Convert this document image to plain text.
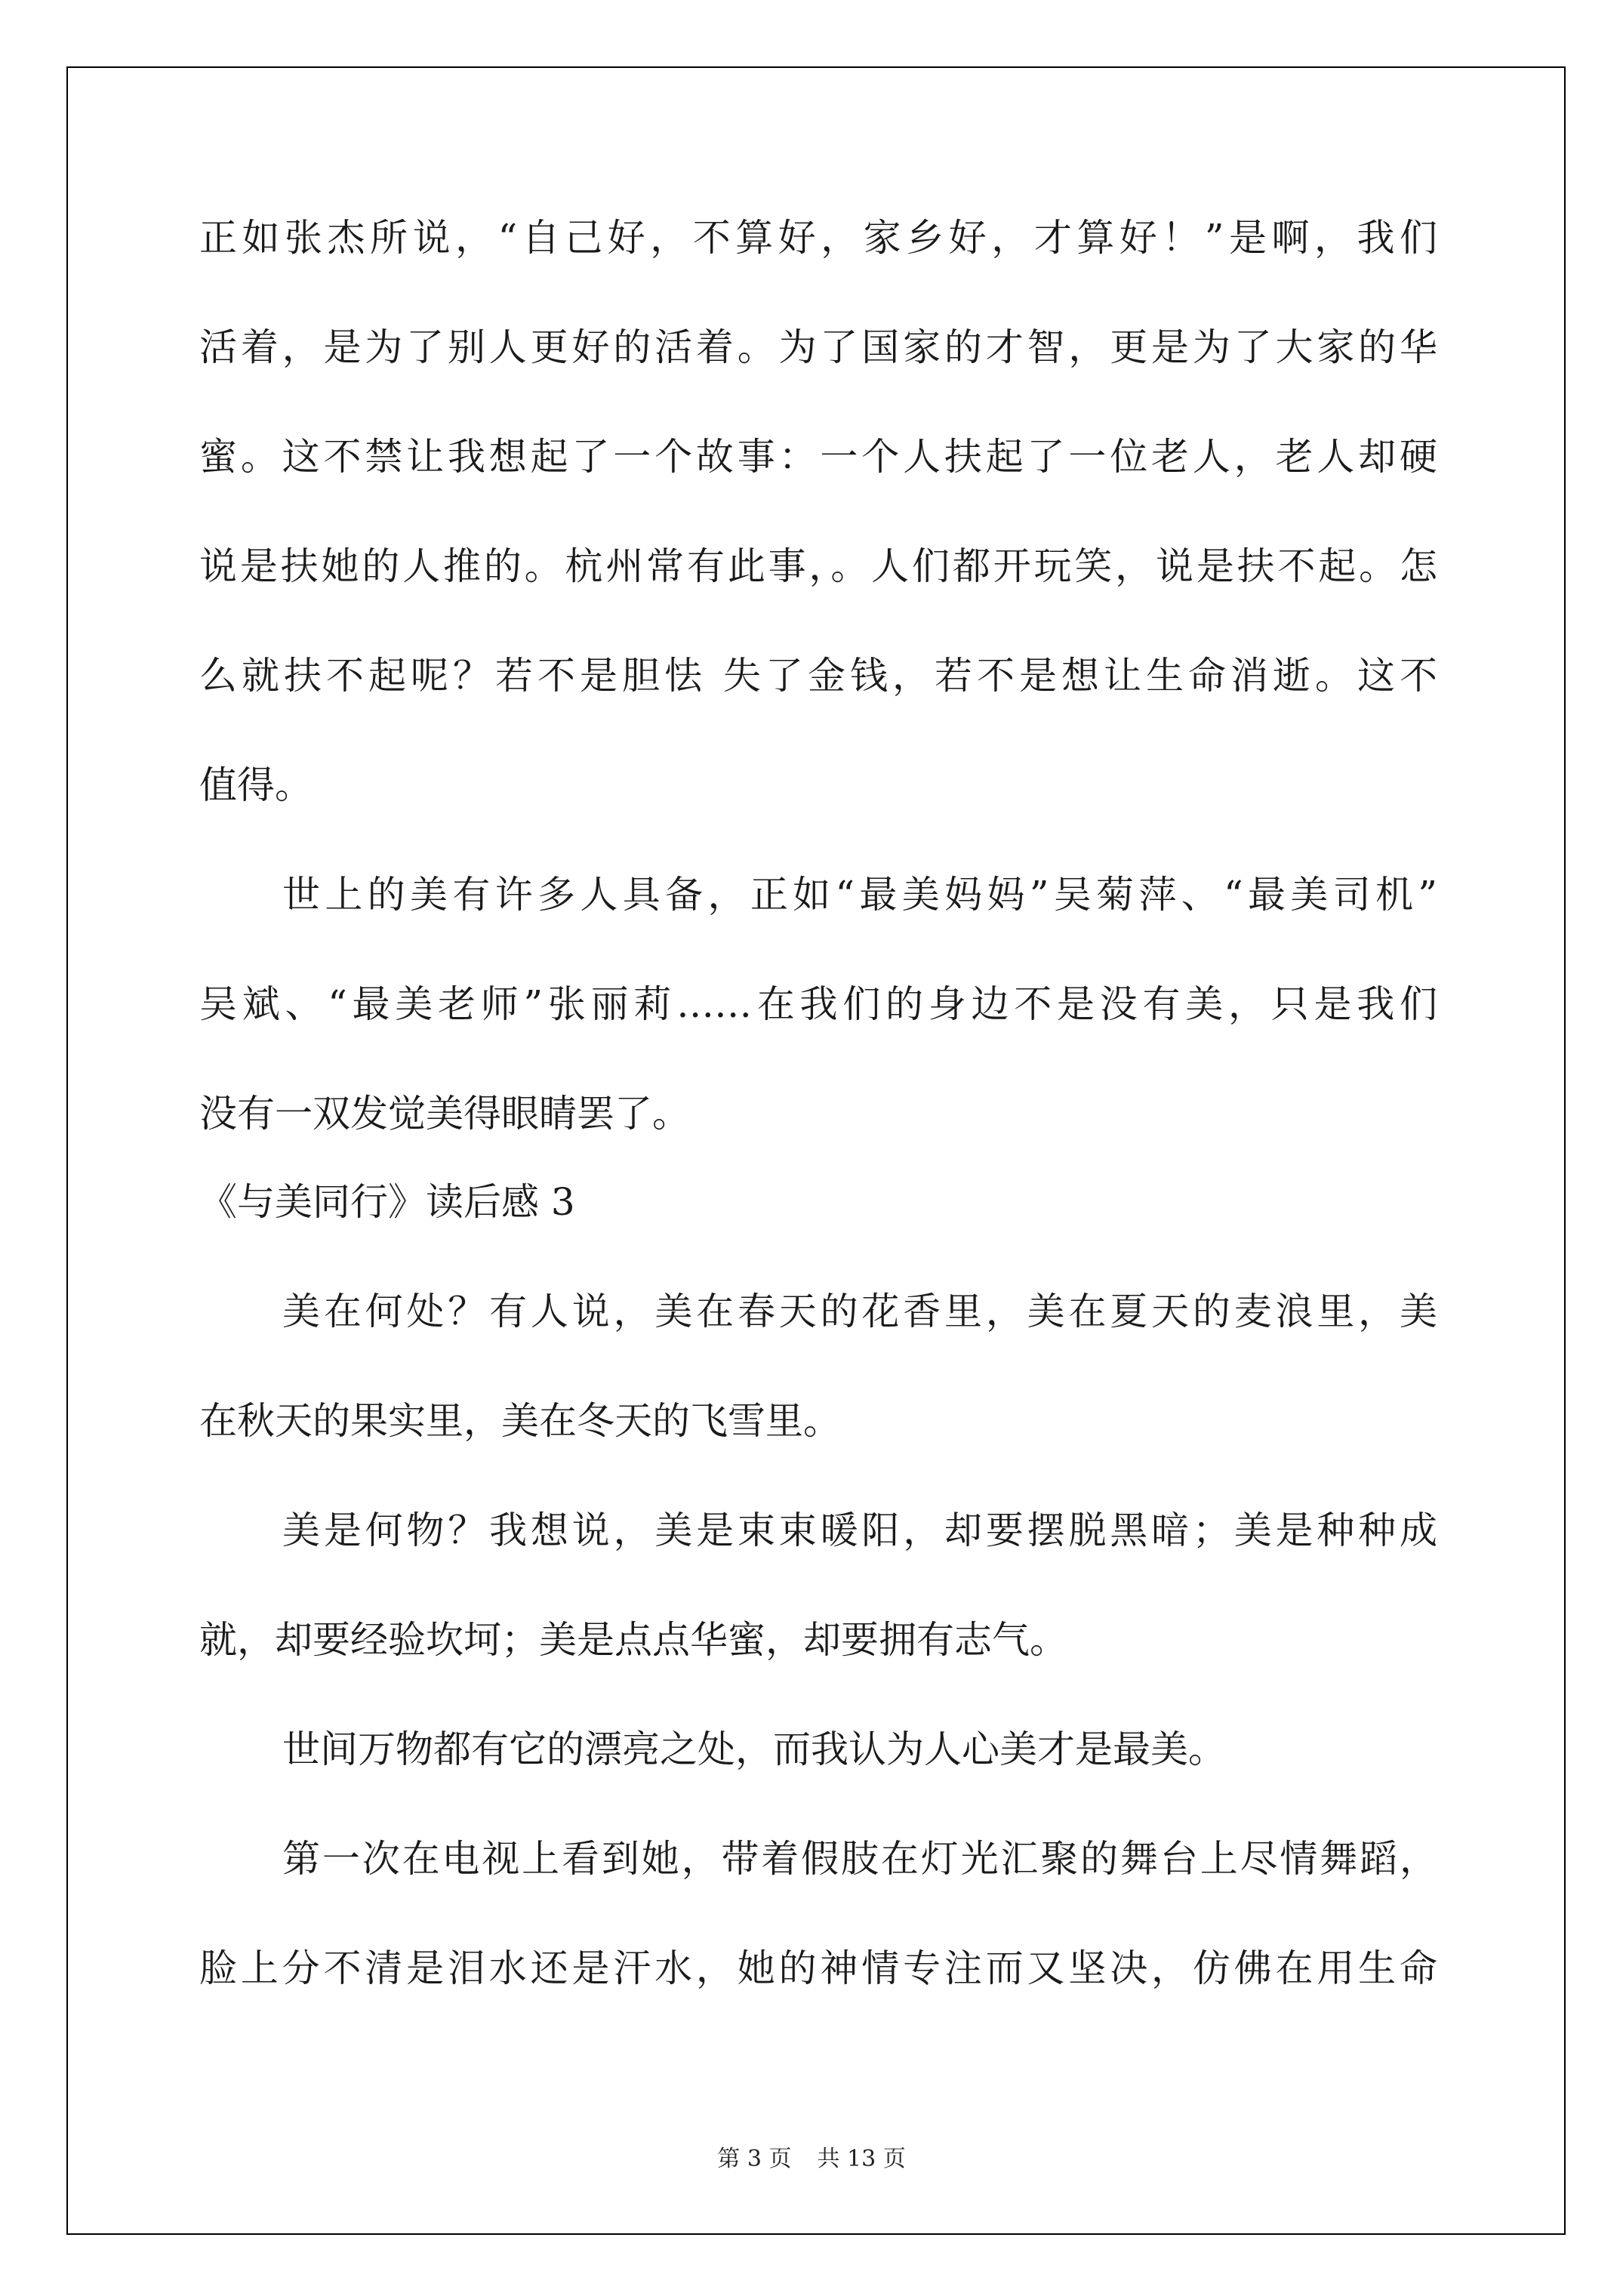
正如张杰所说，“自己好，不算好，家乡好，才算好！”是啊，我们
活着，是为了别人更好的活着。为了国家的才智，更是为了大家的华
蜜。这不禁让我想起了一个故事：一个人扶起了一位老人，老人却硬
说是扶她的人推的。杭州常有此事，。人们都开玩笑，说是扶不起。怎
么就扶不起呢？若不是胆怯 失了金钱，若不是想让生命消逝。这不
值得。
世上的美有许多人具备，正如“最美妈妈”吴菊萍、“最美司机”
吴斌、“最美老师”张丽莉……在我们的身边不是没有美，只是我们
没有一双发觉美得眼睛罢了。
《与美同行》读后感 3
美在何处？有人说，美在春天的花香里，美在夏天的麦浪里，美
在秋天的果实里，美在冬天的飞雪里。
美是何物？我想说，美是束束暖阳，却要摆脱黑暗；美是种种成
就，却要经验坎坷；美是点点华蜜，却要拥有志气。
世间万物都有它的漂亮之处，而我认为人心美才是最美。
第一次在电视上看到她，带着假肢在灯光汇聚的舞台上尽情舞蹈，
脸上分不清是泪水还是汗水，她的神情专注而又坚决，仿佛在用生命
第 3 页 共 13 页
